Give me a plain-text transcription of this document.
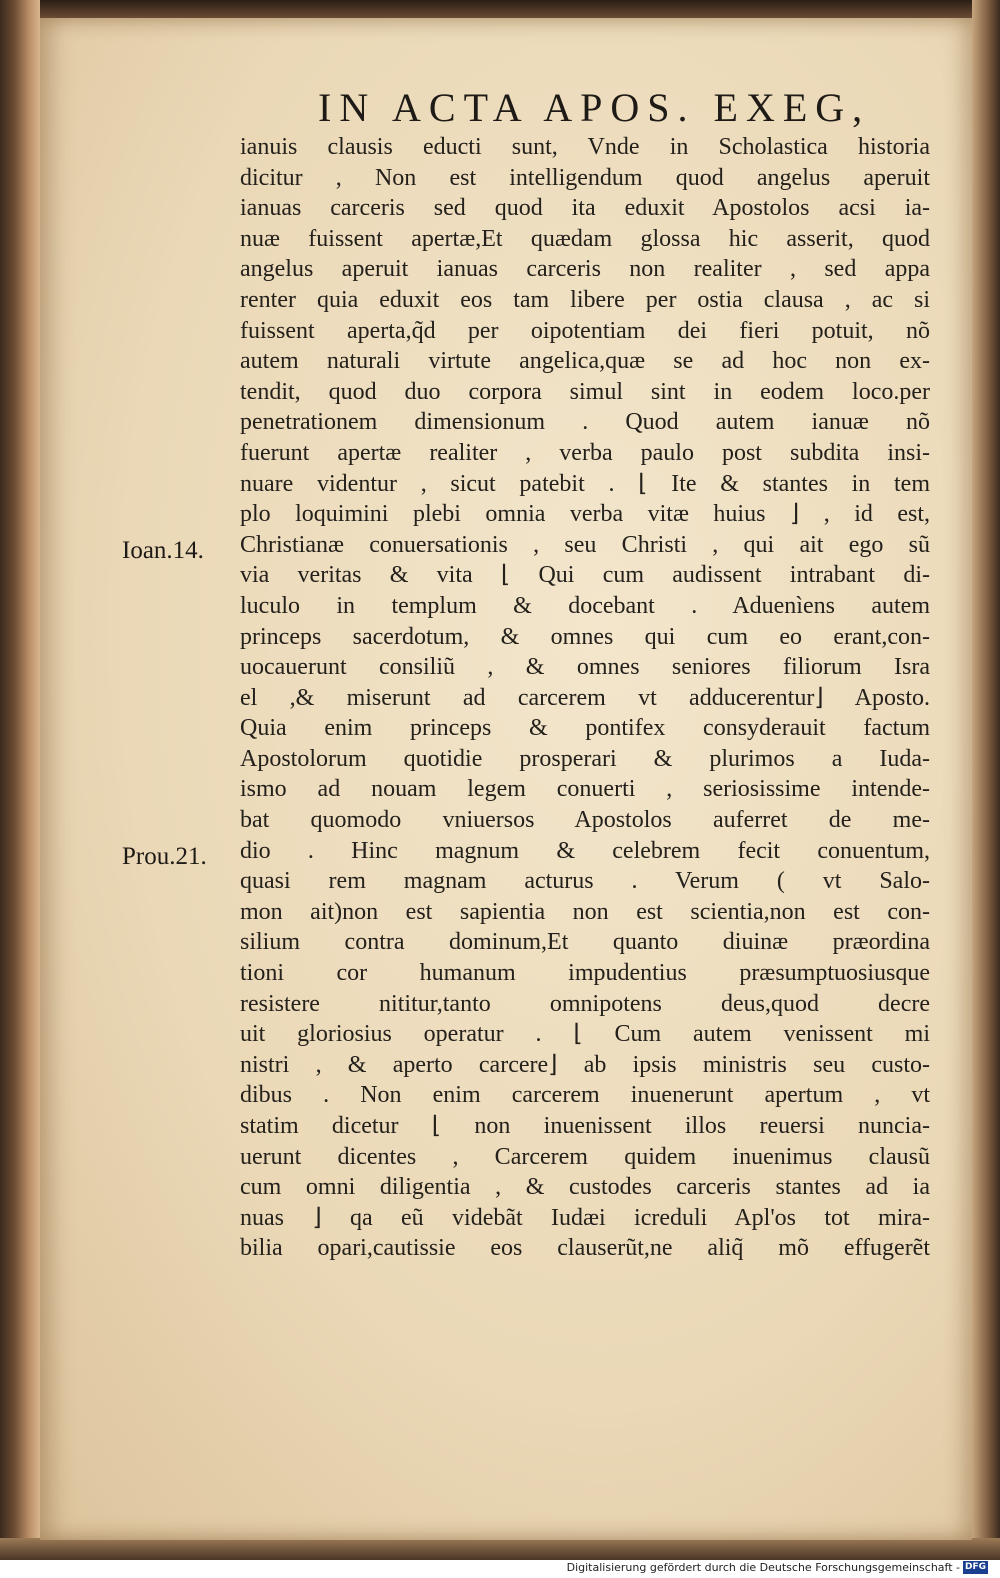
IN ACTA APOS. EXEG,
Ioan.14.
Prou.21.
ianuis clausis educti sunt, Vnde in Scholastica historia
dicitur , Non est intelligendum quod angelus aperuit
ianuas carceris sed quod ita eduxit Apostolos acsi ia-
nuæ fuissent apertæ,Et quædam glossa hic asserit, quod
angelus aperuit ianuas carceris non realiter , sed appa
renter quia eduxit eos tam libere per ostia clausa , ac si
fuissent aperta,q̃d per oipotentiam dei fieri potuit, nõ
autem naturali virtute angelica,quæ se ad hoc non ex-
tendit, quod duo corpora simul sint in eodem loco.per
penetrationem dimensionum . Quod autem ianuæ nõ
fuerunt apertæ realiter , verba paulo post subdita insi-
nuare videntur , sicut patebit . ⌊ Ite & stantes in tem
plo loquimini plebi omnia verba vitæ huius ⌋ , id est,
Christianæ conuersationis , seu Christi , qui ait ego sũ
via veritas & vita ⌊ Qui cum audissent intrabant di-
luculo in templum & docebant . Aduenìens autem
princeps sacerdotum, & omnes qui cum eo erant,con-
uocauerunt consiliũ , & omnes seniores filiorum Isra
el ,& miserunt ad carcerem vt adducerentur⌋ Aposto.
Quia enim princeps & pontifex consyderauit factum
Apostolorum quotidie prosperari & plurimos a Iuda-
ismo ad nouam legem conuerti , seriosissime intende-
bat quomodo vniuersos Apostolos auferret de me-
dio . Hinc magnum & celebrem fecit conuentum,
quasi rem magnam acturus . Verum ( vt Salo-
mon ait)non est sapientia non est scientia,non est con-
silium contra dominum,Et quanto diuinæ præordina
tioni cor humanum impudentius præsumptuosiusque
resistere nititur,tanto omnipotens deus,quod decre
uit gloriosius operatur . ⌊ Cum autem venissent mi
nistri , & aperto carcere⌋ ab ipsis ministris seu custo-
dibus . Non enim carcerem inuenerunt apertum , vt
statim dicetur ⌊ non inuenissent illos reuersi nuncia-
uerunt dicentes , Carcerem quidem inuenimus clausũ
cum omni diligentia , & custodes carceris stantes ad ia
nuas ⌋ qa eũ videbãt Iudæi icreduli Apl'os tot mira-
bilia opari,cautissie eos clauserũt,ne aliq̃ mõ effugerẽt
Digitalisierung gefördert durch die Deutsche Forschungsgemeinschaft - DFG
